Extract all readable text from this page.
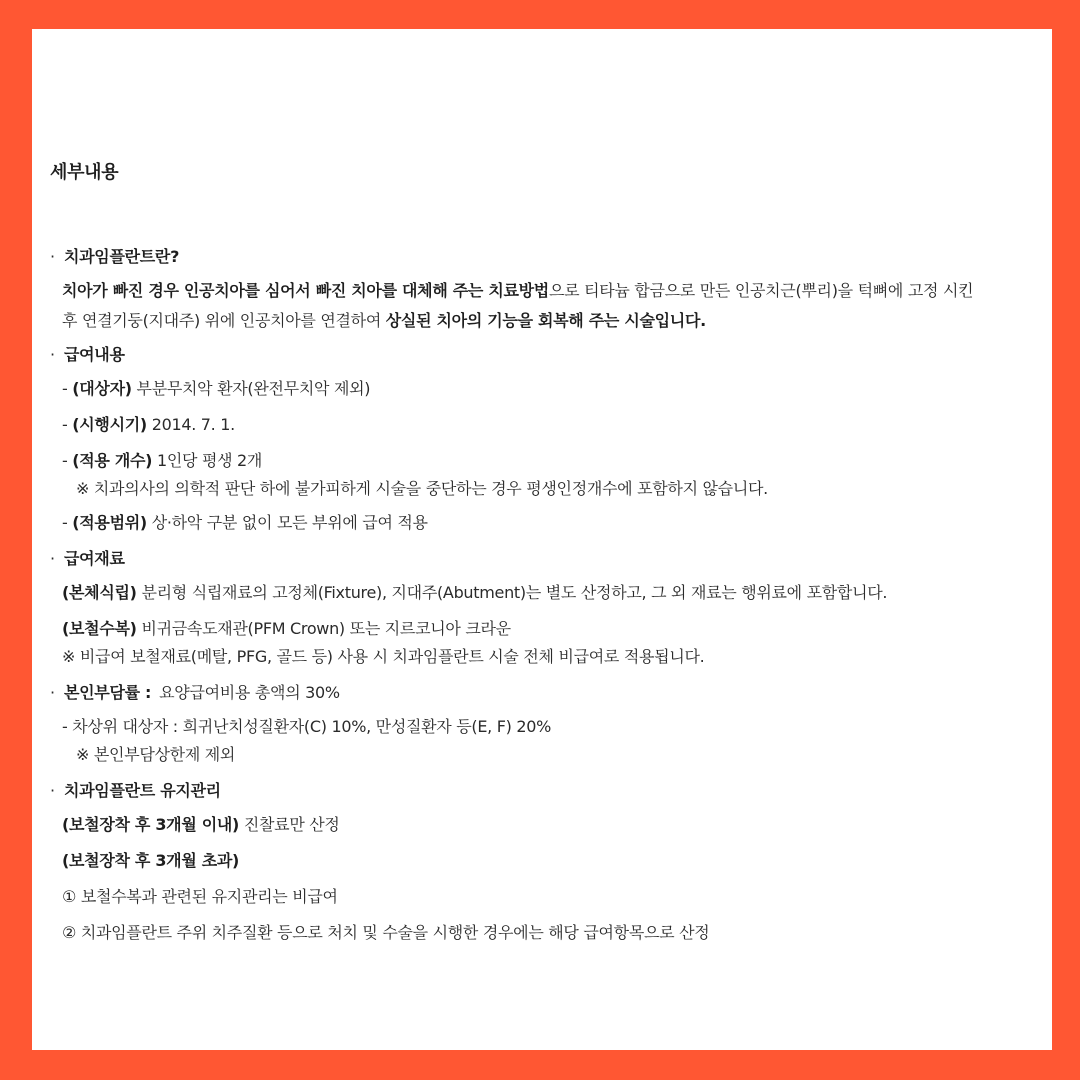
세부내용
· 치과임플란트란?
치아가 빠진 경우 인공치아를 심어서 빠진 치아를 대체해 주는 치료방법으로 티타늄 합금으로 만든 인공치근(뿌리)을 턱뼈에 고정 시킨
후 연결기둥(지대주) 위에 인공치아를 연결하여 상실된 치아의 기능을 회복해 주는 시술입니다.
· 급여내용
- (대상자) 부분무치악 환자(완전무치악 제외)
- (시행시기) 2014. 7. 1.
- (적용 개수) 1인당 평생 2개
※ 치과의사의 의학적 판단 하에 불가피하게 시술을 중단하는 경우 평생인정개수에 포함하지 않습니다.
- (적용범위) 상·하악 구분 없이 모든 부위에 급여 적용
· 급여재료
(본체식립) 분리형 식립재료의 고정체(Fixture), 지대주(Abutment)는 별도 산정하고, 그 외 재료는 행위료에 포함합니다.
(보철수복) 비귀금속도재관(PFM Crown) 또는 지르코니아 크라운
※ 비급여 보철재료(메탈, PFG, 골드 등) 사용 시 치과임플란트 시술 전체 비급여로 적용됩니다.
· 본인부담률 : 요양급여비용 총액의 30%
- 차상위 대상자 : 희귀난치성질환자(C) 10%, 만성질환자 등(E, F) 20%
※ 본인부담상한제 제외
· 치과임플란트 유지관리
(보철장착 후 3개월 이내) 진찰료만 산정
(보철장착 후 3개월 초과)
① 보철수복과 관련된 유지관리는 비급여
② 치과임플란트 주위 치주질환 등으로 처치 및 수술을 시행한 경우에는 해당 급여항목으로 산정
